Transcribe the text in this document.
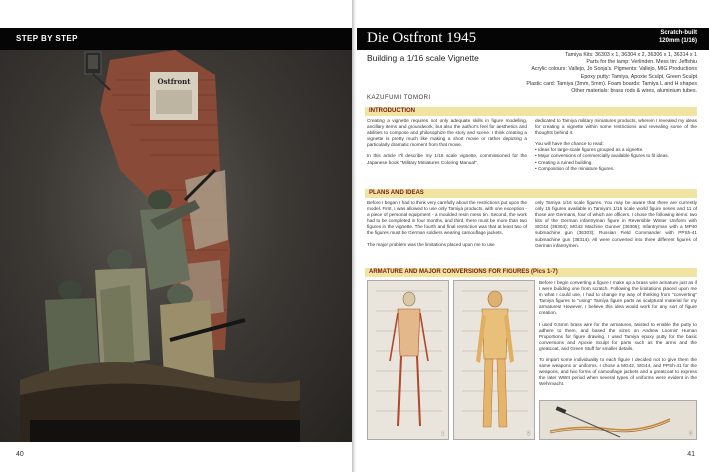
STEP BY STEP
Ostfront
40
Die Ostfront 1945	Scratch-built
120mm (1/16)
Building a 1/16 scale Vignette	Tamiya Kits: 36303 x 1, 36304 x 2, 36306 x 1, 36314 x 1
Parts for the lamp: Verlinden. Mess tin: Jeffshiu
Acrylic colours: Vallejo, Jo Sonja's. Pigments: Vallejo, MIG Productions
Epoxy putty: Tamiya, Apoxie Sculpt, Green Sculpt
Plastic card: Tamiya (3mm, 5mm). Foam boards: Tamiya L and H shapes
Other materials: brass rods & wires, aluminium tubes.
KAZUFUMI TOMORI
INTRODUCTION

Creating a vignette requires not only adequate skills in figure modelling, ancillary items and groundwork, but also the author's feel for aesthetics and abilities to compose and philosophize the story and scene. I think creating a vignette is pretty much like making a short movie or rather depicting a particularly dramatic moment from that movie.

In this article I'll describe my 1/16 scale vignette, commissioned for the Japanese book "Military Miniatures Coloring Manual",

dedicated to Tamiya military miniatures products, wherein I revealed my ideas for creating a vignette within some restrictions and revealing some of the thoughts behind it.

You will have the chance to read:

• Ideas for large-scale figures grouped as a vignette.
• Major conversions of commercially available figures to fit ideas.
• Creating a ruined building.
• Composition of the miniature figures.
PLANS AND IDEAS

Before I began I had to think very carefully about the restrictions put upon the model. First, I was allowed to use only Tamiya products, with one exception - a piece of personal equipment - a moulded resin mess tin. Second, the work had to be completed in four months, and third, there must be more than two figures in the vignette. The fourth and final restriction was that at least two of the figures must be German soldiers wearing camouflage jackets.

The major problem was the limitations placed upon me to use

only Tamiya 1/16 scale figures. You may be aware that there are currently only 15 figures available in Tamiya's 1/16 scale world figure series and 11 of those are Germans, four of which are officers. I chose the following items: two kits of the German infantryman figure in Reversible Winter Uniform with StG44 (36304); MG42 Machine Gunner (36306); Infantryman with a MP40 submachine gun (36303); Russian Field Commander with PPSh-41 submachine gun (36314). All were converted into three different figures of German infantrymen.

ARMATURE AND MAJOR CONVERSIONS FOR FIGURES (Pics 1-7)
1	2

Before I begin converting a figure I make up a brass wire armature just as if I were building one from scratch. Following the limitations placed upon me in what I could use, I had to change my way of thinking from "converting" Tamiya figures to "using" Tamiya figure parts as sculptural material for my armatures! However, I believe this idea would work for any sort of figure creation.

I used 0.5mm brass wire for the armatures, twisted to enable the putty to adhere to them, and based the sizes on Andrew Loomis' Human Proportions for figure drawing. I used Tamiya epoxy putty for the basic conversions and Apoxie Sculpt for parts such as the arms and the greatcoat, and Green Stuff for smaller details.

To impart some individuality to each figure I decided not to give them the same weapons or uniforms. I chose a MG42, StG44, and PPSh-41 for the weapons, and two forms of camouflage jackets and a greatcoat to express the later WWII period when several types of uniforms were evident in the Wehrmacht.

3
41
